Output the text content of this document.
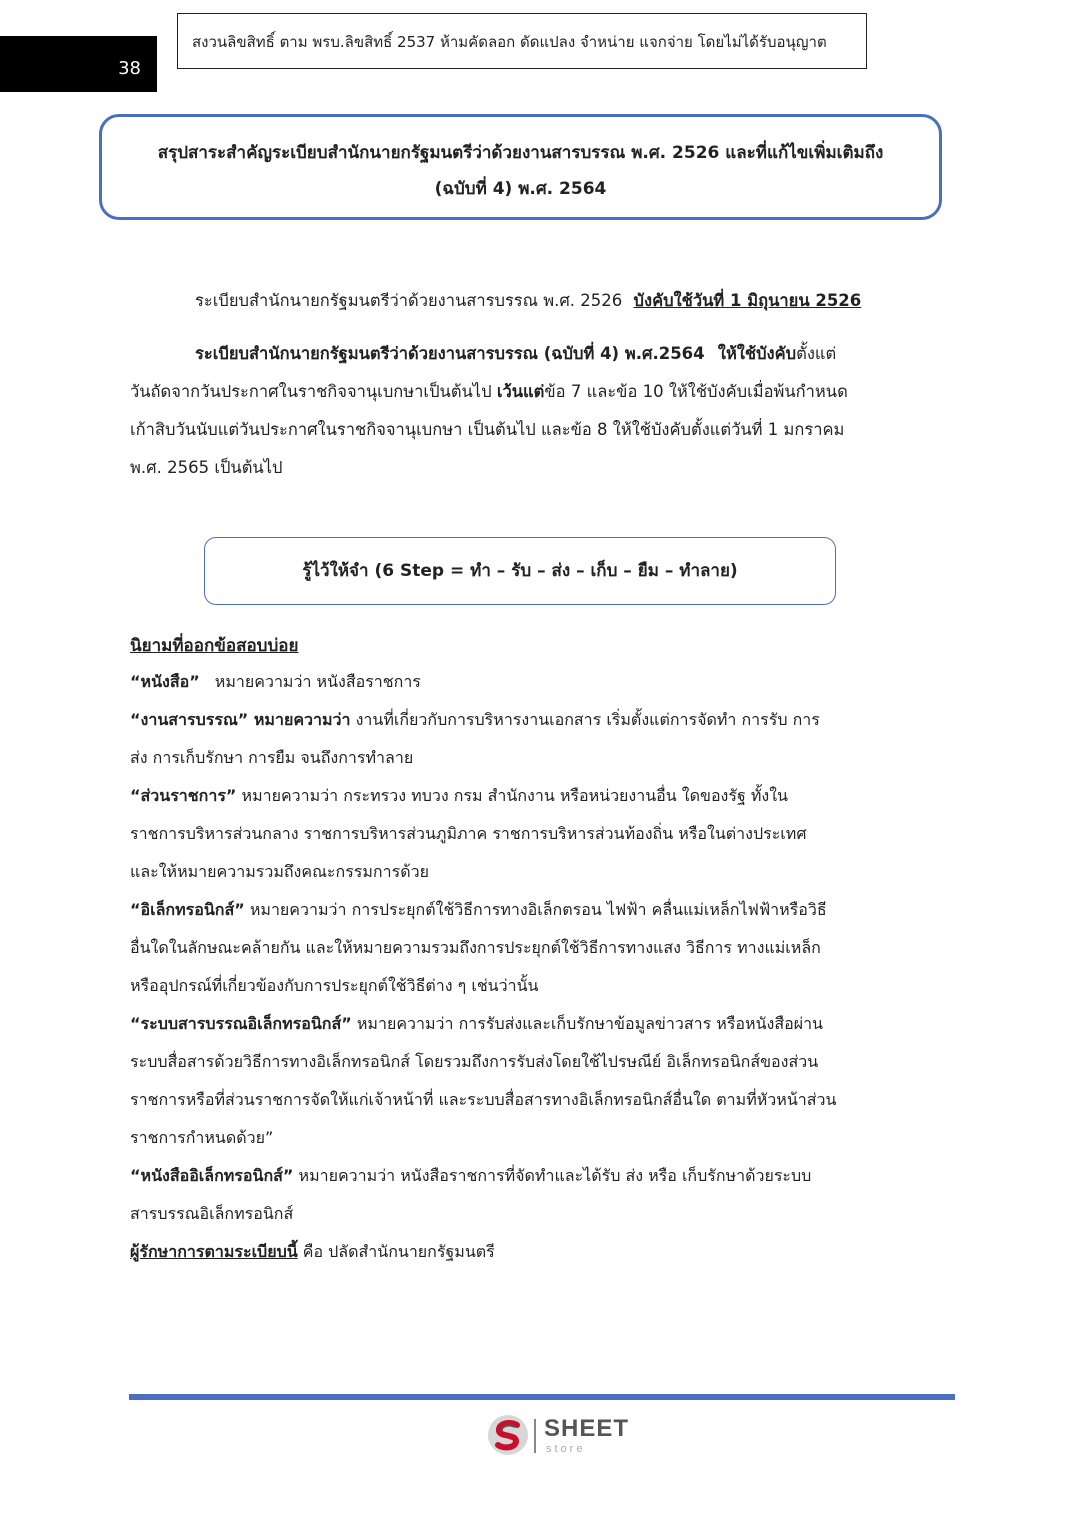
38
สงวนลิขสิทธิ์ ตาม พรบ.ลิขสิทธิ์ 2537 ห้ามคัดลอก ดัดแปลง จำหน่าย แจกจ่าย โดยไม่ได้รับอนุญาต
สรุปสาระสำคัญระเบียบสำนักนายกรัฐมนตรีว่าด้วยงานสารบรรณ พ.ศ. 2526 และที่แก้ไขเพิ่มเติมถึง
(ฉบับที่ 4) พ.ศ. 2564
ระเบียบสำนักนายกรัฐมนตรีว่าด้วยงานสารบรรณ พ.ศ. 2526 บังคับใช้วันที่ 1 มิถุนายน 2526
ระเบียบสำนักนายกรัฐมนตรีว่าด้วยงานสารบรรณ (ฉบับที่ 4) พ.ศ.2564 ให้ใช้บังคับตั้งแต่
วันถัดจากวันประกาศในราชกิจจานุเบกษาเป็นต้นไป เว้นแต่ข้อ 7 และข้อ 10 ให้ใช้บังคับเมื่อพ้นกำหนด
เก้าสิบวันนับแต่วันประกาศในราชกิจจานุเบกษา เป็นต้นไป และข้อ 8 ให้ใช้บังคับตั้งแต่วันที่ 1 มกราคม
พ.ศ. 2565 เป็นต้นไป
รู้ไว้ให้จำ (6 Step = ทำ – รับ – ส่ง – เก็บ – ยืม – ทำลาย)
นิยามที่ออกข้อสอบบ่อย
“หนังสือ” หมายความว่า หนังสือราชการ
“งานสารบรรณ” หมายความว่า งานที่เกี่ยวกับการบริหารงานเอกสาร เริ่มตั้งแต่การจัดทำ การรับ การ
ส่ง การเก็บรักษา การยืม จนถึงการทำลาย
“ส่วนราชการ” หมายความว่า กระทรวง ทบวง กรม สำนักงาน หรือหน่วยงานอื่น ใดของรัฐ ทั้งใน
ราชการบริหารส่วนกลาง ราชการบริหารส่วนภูมิภาค ราชการบริหารส่วนท้องถิ่น หรือในต่างประเทศ
และให้หมายความรวมถึงคณะกรรมการด้วย
“อิเล็กทรอนิกส์” หมายความว่า การประยุกต์ใช้วิธีการทางอิเล็กตรอน ไฟฟ้า คลื่นแม่เหล็กไฟฟ้าหรือวิธี
อื่นใดในลักษณะคล้ายกัน และให้หมายความรวมถึงการประยุกต์ใช้วิธีการทางแสง วิธีการ ทางแม่เหล็ก
หรืออุปกรณ์ที่เกี่ยวข้องกับการประยุกต์ใช้วิธีต่าง ๆ เช่นว่านั้น
“ระบบสารบรรณอิเล็กทรอนิกส์” หมายความว่า การรับส่งและเก็บรักษาข้อมูลข่าวสาร หรือหนังสือผ่าน
ระบบสื่อสารด้วยวิธีการทางอิเล็กทรอนิกส์ โดยรวมถึงการรับส่งโดยใช้ไปรษณีย์ อิเล็กทรอนิกส์ของส่วน
ราชการหรือที่ส่วนราชการจัดให้แก่เจ้าหน้าที่ และระบบสื่อสารทางอิเล็กทรอนิกส์อื่นใด ตามที่หัวหน้าส่วน
ราชการกำหนดด้วย”
“หนังสืออิเล็กทรอนิกส์” หมายความว่า หนังสือราชการที่จัดทำและได้รับ ส่ง หรือ เก็บรักษาด้วยระบบ
สารบรรณอิเล็กทรอนิกส์
ผู้รักษาการตามระเบียบนี้ คือ ปลัดสำนักนายกรัฐมนตรี
SHEET
store
